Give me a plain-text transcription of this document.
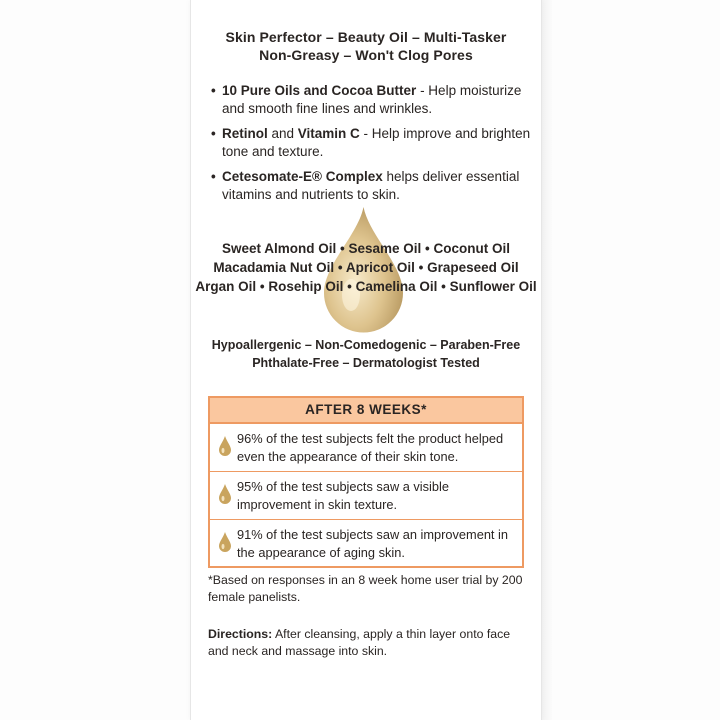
Skin Perfector – Beauty Oil – Multi-Tasker
Non-Greasy – Won't Clog Pores
• 10 Pure Oils and Cocoa Butter - Help moisturize and smooth fine lines and wrinkles.
• Retinol and Vitamin C - Help improve and brighten tone and texture.
• Cetesomate-E® Complex helps deliver essential vitamins and nutrients to skin.
Sweet Almond Oil • Sesame Oil • Coconut Oil
Macadamia Nut Oil • Apricot Oil • Grapeseed Oil
Argan Oil • Rosehip Oil • Camelina Oil • Sunflower Oil
Hypoallergenic – Non-Comedogenic – Paraben-Free
Phthalate-Free – Dermatologist Tested
AFTER 8 WEEKS*
96% of the test subjects felt the product helped even the appearance of their skin tone.
95% of the test subjects saw a visible improvement in skin texture.
91% of the test subjects saw an improvement in the appearance of aging skin.
*Based on responses in an 8 week home user trial by 200 female panelists.
Directions: After cleansing, apply a thin layer onto face and neck and massage into skin.
